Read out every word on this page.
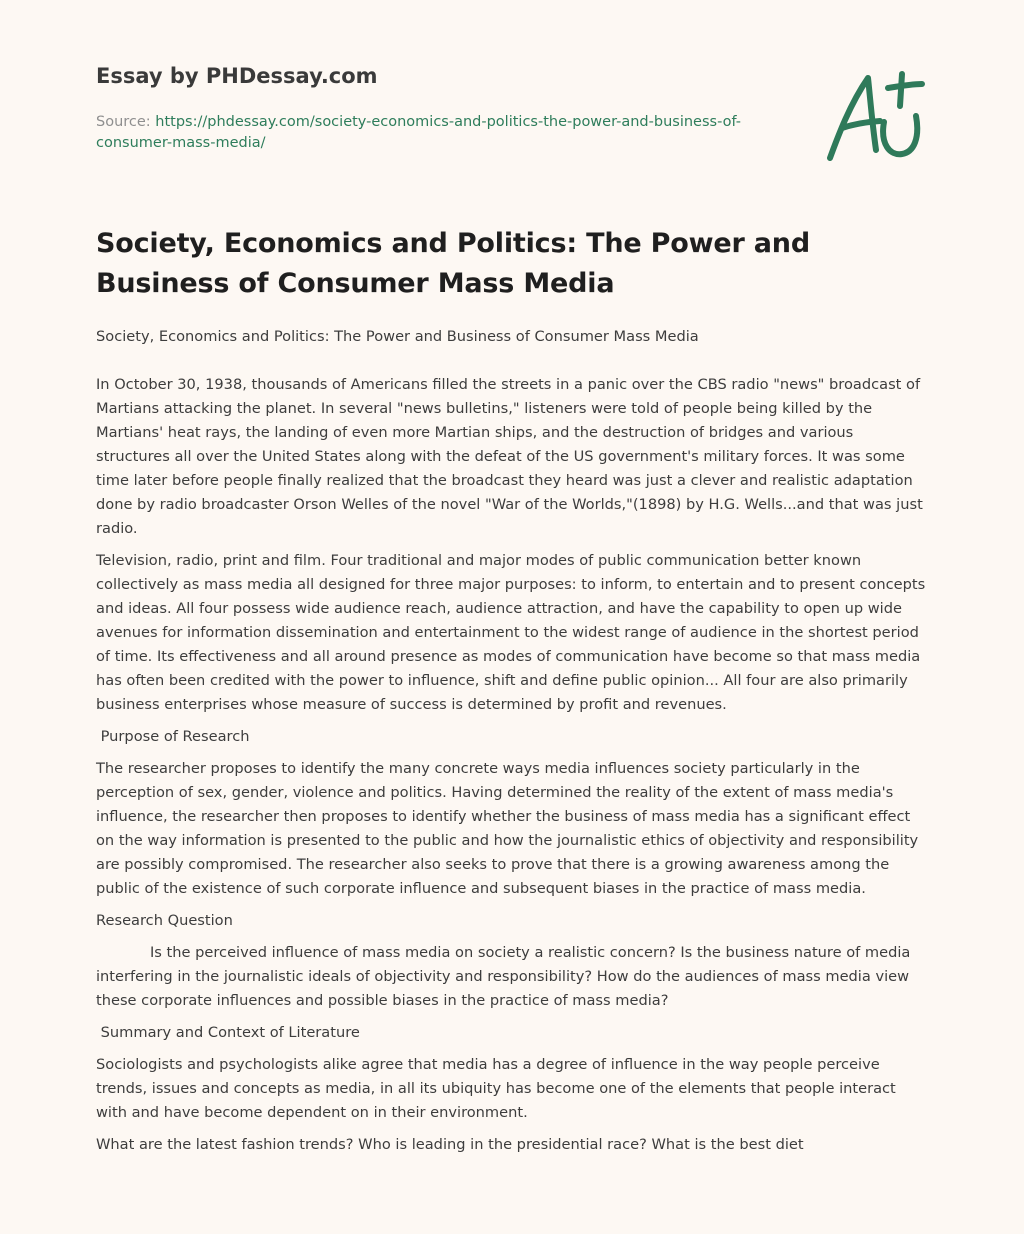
Essay by PHDessay.com
Source: https://phdessay.com/society-economics-and-politics-the-power-and-business-of-consumer-mass-media/
Society, Economics and Politics: The Power and Business of Consumer Mass Media

Society, Economics and Politics: The Power and Business of Consumer Mass Media

In October 30, 1938, thousands of Americans filled the streets in a panic over the CBS radio "news" broadcast of Martians attacking the planet. In several "news bulletins," listeners were told of people being killed by the Martians' heat rays, the landing of even more Martian ships, and the destruction of bridges and various structures all over the United States along with the defeat of the US government's military forces. It was some time later before people finally realized that the broadcast they heard was just a clever and realistic adaptation done by radio broadcaster Orson Welles of the novel "War of the Worlds,"(1898) by H.G. Wells...and that was just radio.

Television, radio, print and film. Four traditional and major modes of public communication better known collectively as mass media all designed for three major purposes: to inform, to entertain and to present concepts and ideas. All four possess wide audience reach, audience attraction, and have the capability to open up wide avenues for information dissemination and entertainment to the widest range of audience in the shortest period of time. Its effectiveness and all around presence as modes of communication have become so that mass media has often been credited with the power to influence, shift and define public opinion... All four are also primarily business enterprises whose measure of success is determined by profit and revenues.

Purpose of Research

The researcher proposes to identify the many concrete ways media influences society particularly in the perception of sex, gender, violence and politics. Having determined the reality of the extent of mass media's influence, the researcher then proposes to identify whether the business of mass media has a significant effect on the way information is presented to the public and how the journalistic ethics of objectivity and responsibility are possibly compromised. The researcher also seeks to prove that there is a growing awareness among the public of the existence of such corporate influence and subsequent biases in the practice of mass media.

Research Question

Is the perceived influence of mass media on society a realistic concern? Is the business nature of media interfering in the journalistic ideals of objectivity and responsibility? How do the audiences of mass media view these corporate influences and possible biases in the practice of mass media?

Summary and Context of Literature

Sociologists and psychologists alike agree that media has a degree of influence in the way people perceive trends, issues and concepts as media, in all its ubiquity has become one of the elements that people interact with and have become dependent on in their environment.

What are the latest fashion trends? Who is leading in the presidential race? What is the best diet
